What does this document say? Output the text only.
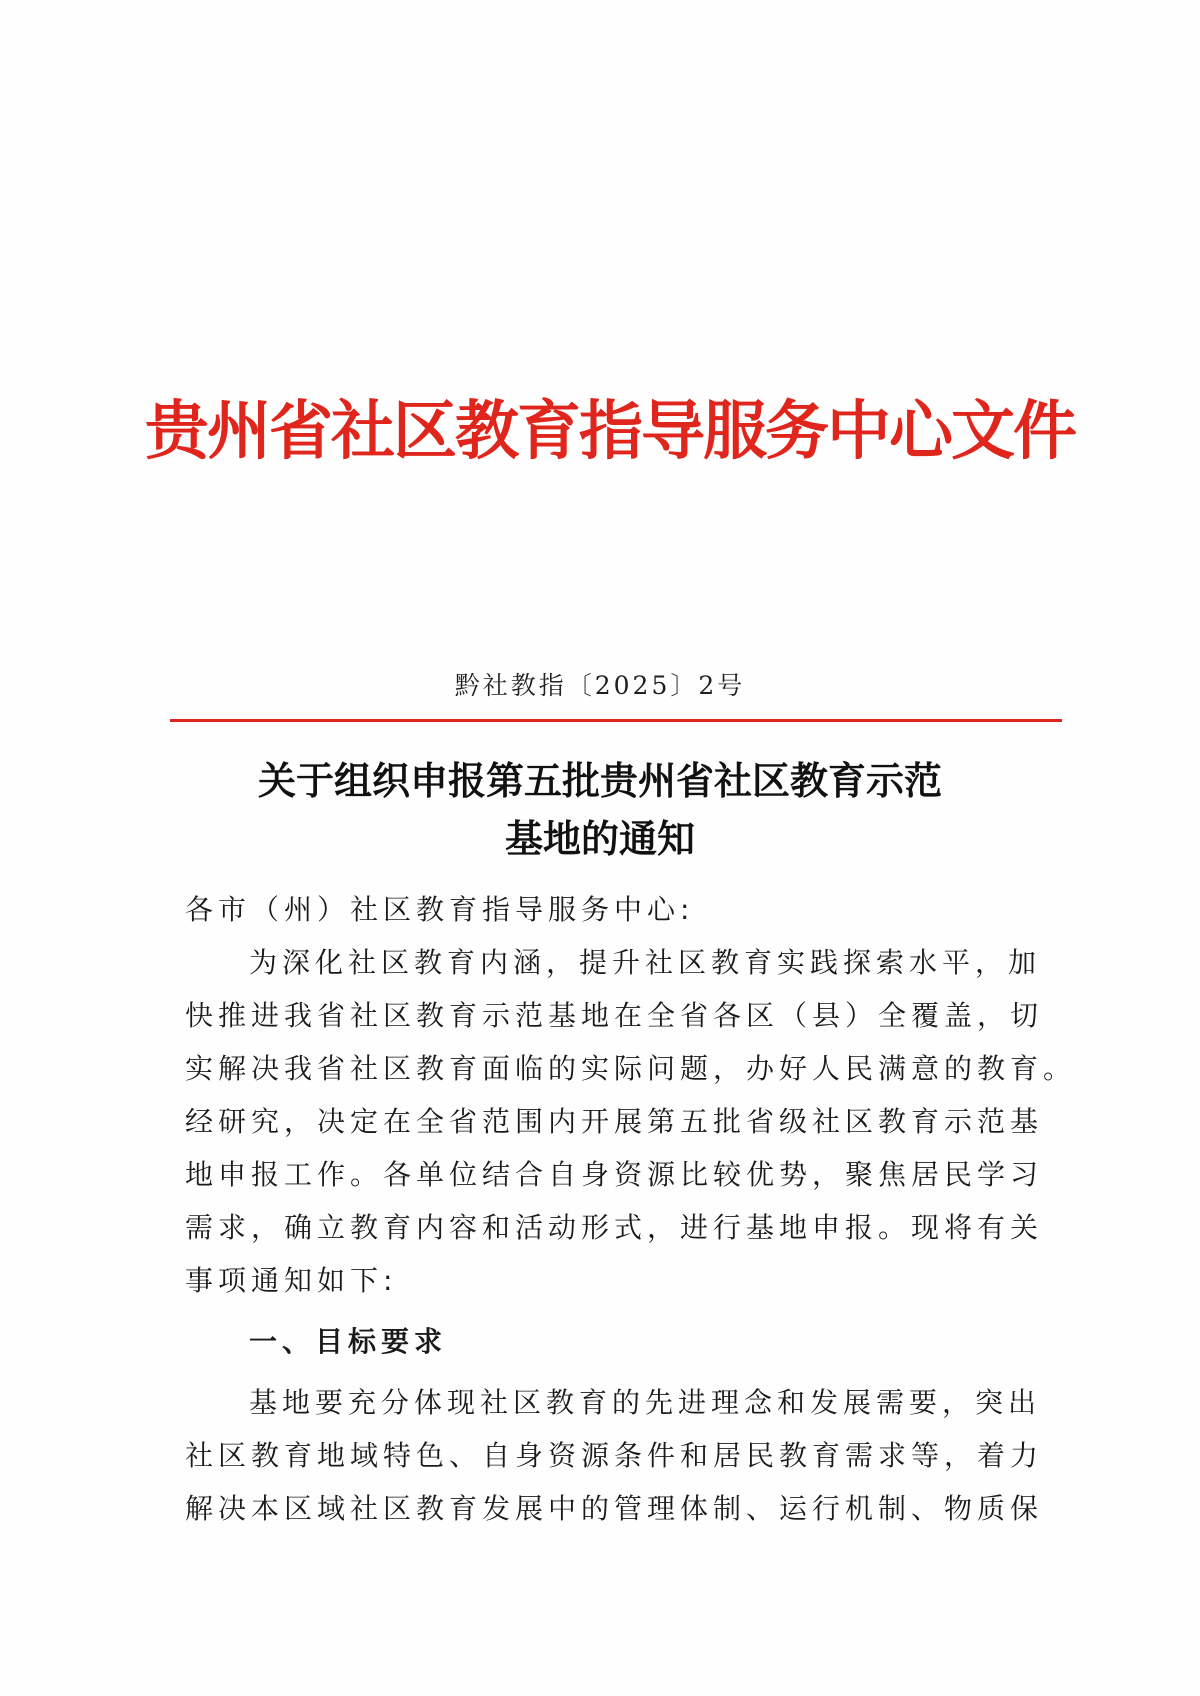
贵州省社区教育指导服务中心文件
黔社教指〔2025〕2号
关于组织申报第五批贵州省社区教育示范
基地的通知
各市（州）社区教育指导服务中心:
为深化社区教育内涵，提升社区教育实践探索水平，加
快推进我省社区教育示范基地在全省各区（县）全覆盖，切
实解决我省社区教育面临的实际问题，办好人民满意的教育。
经研究，决定在全省范围内开展第五批省级社区教育示范基
地申报工作。各单位结合自身资源比较优势，聚焦居民学习
需求，确立教育内容和活动形式，进行基地申报。现将有关
事项通知如下:
一、目标要求
基地要充分体现社区教育的先进理念和发展需要，突出
社区教育地域特色、自身资源条件和居民教育需求等，着力
解决本区域社区教育发展中的管理体制、运行机制、物质保
